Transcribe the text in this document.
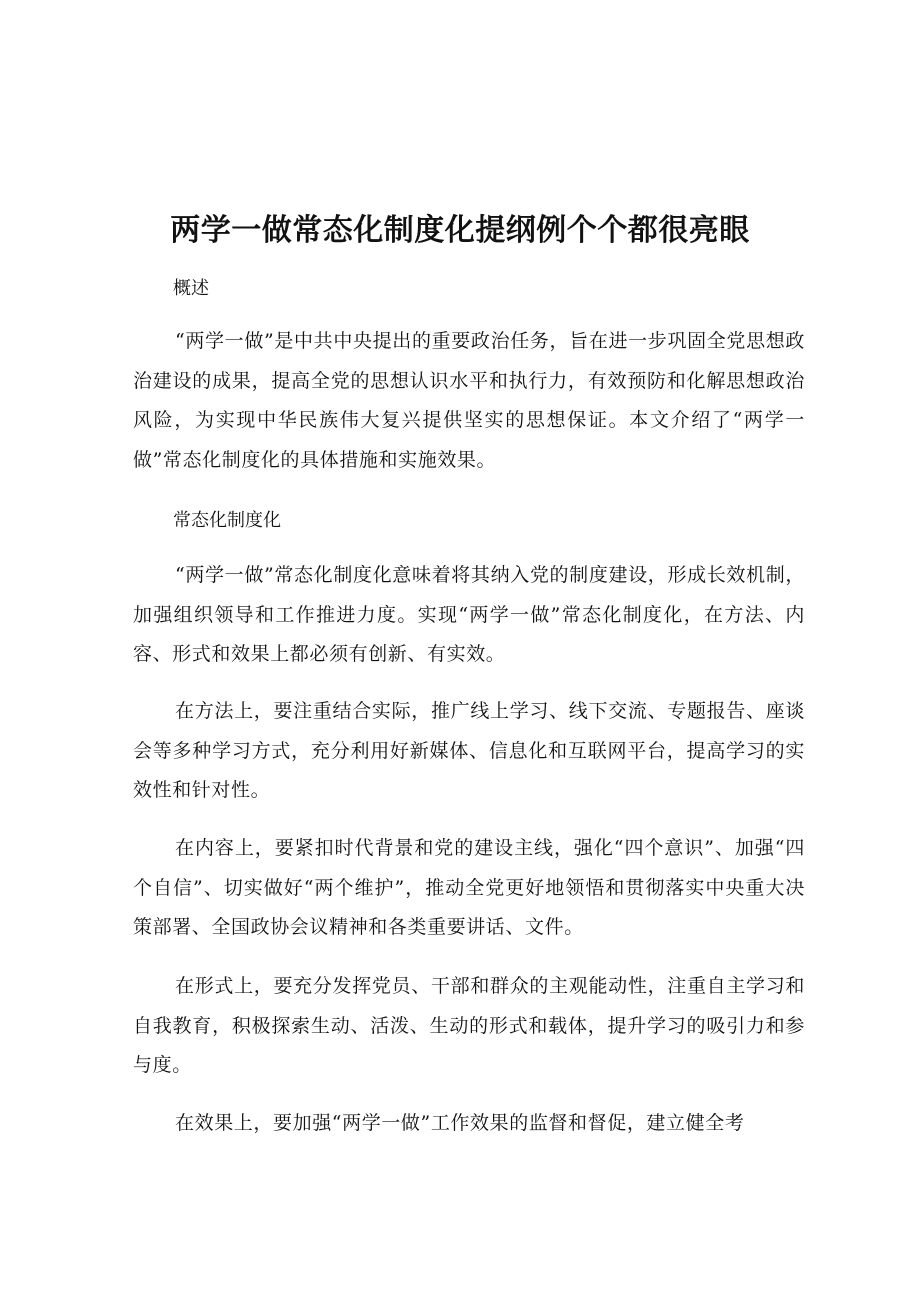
两学一做常态化制度化提纲例个个都很亮眼

概述

“两学一做”是中共中央提出的重要政治任务，旨在进一步巩固全党思想政治建设的成果，提高全党的思想认识水平和执行力，有效预防和化解思想政治风险，为实现中华民族伟大复兴提供坚实的思想保证。本文介绍了“两学一做”常态化制度化的具体措施和实施效果。

常态化制度化

“两学一做”常态化制度化意味着将其纳入党的制度建设，形成长效机制，加强组织领导和工作推进力度。实现“两学一做”常态化制度化，在方法、内容、形式和效果上都必须有创新、有实效。

在方法上，要注重结合实际，推广线上学习、线下交流、专题报告、座谈会等多种学习方式，充分利用好新媒体、信息化和互联网平台，提高学习的实效性和针对性。

在内容上，要紧扣时代背景和党的建设主线，强化“四个意识”、加强“四个自信”、切实做好“两个维护”，推动全党更好地领悟和贯彻落实中央重大决策部署、全国政协会议精神和各类重要讲话、文件。

在形式上，要充分发挥党员、干部和群众的主观能动性，注重自主学习和自我教育，积极探索生动、活泼、生动的形式和载体，提升学习的吸引力和参与度。

在效果上，要加强“两学一做”工作效果的监督和督促，建立健全考
